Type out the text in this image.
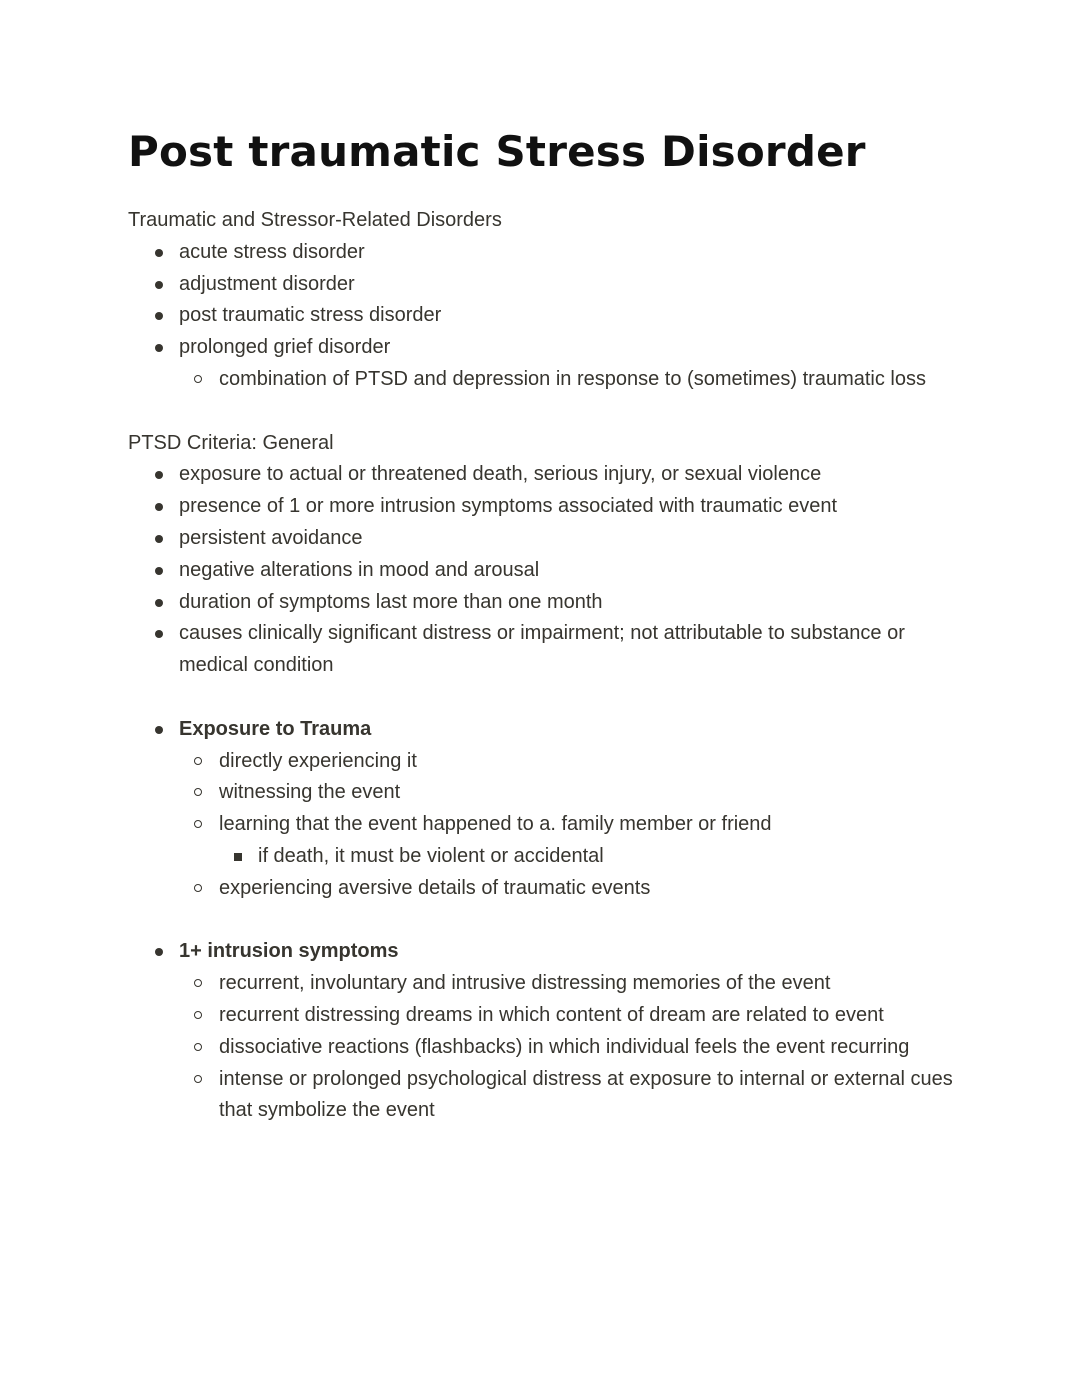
Post traumatic Stress Disorder

Traumatic and Stressor-Related Disorders

acute stress disorder
adjustment disorder
post traumatic stress disorder
prolonged grief disorder
combination of PTSD and depression in response to (sometimes) traumatic loss

PTSD Criteria: General

exposure to actual or threatened death, serious injury, or sexual violence
presence of 1 or more intrusion symptoms associated with traumatic event
persistent avoidance
negative alterations in mood and arousal
duration of symptoms last more than one month
causes clinically significant distress or impairment; not attributable to substance or medical condition
Exposure to Trauma
directly experiencing it
witnessing the event
learning that the event happened to a. family member or friend
if death, it must be violent or accidental
experiencing aversive details of traumatic events
1+ intrusion symptoms
recurrent, involuntary and intrusive distressing memories of the event
recurrent distressing dreams in which content of dream are related to event
dissociative reactions (flashbacks) in which individual feels the event recurring
intense or prolonged psychological distress at exposure to internal or external cues that symbolize the event
